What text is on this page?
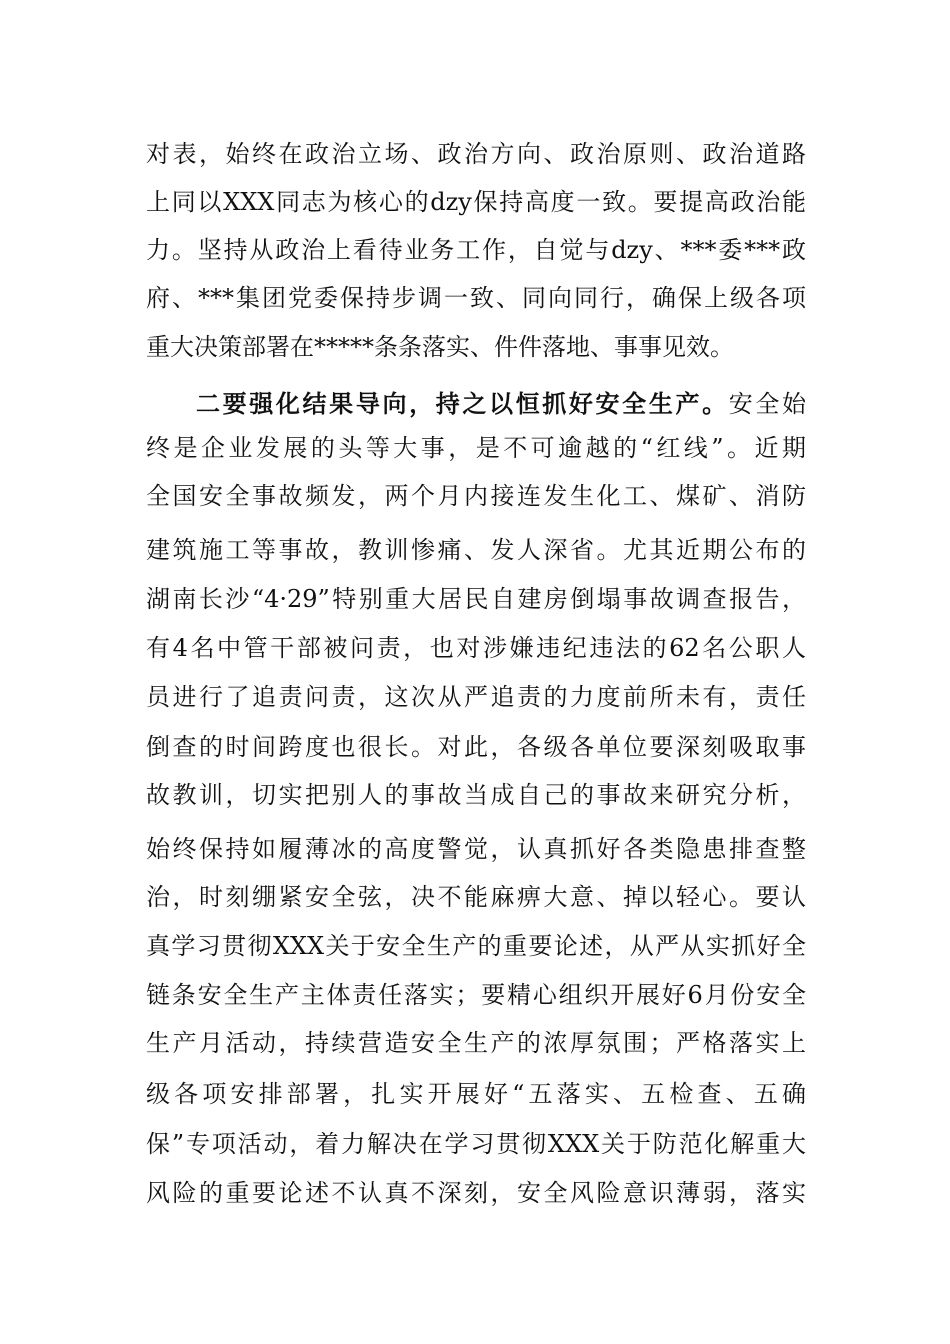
对表，始终在政治立场、政治方向、政治原则、政治道路
上同以XXX同志为核心的dzy保持高度一致。要提高政治能
力。坚持从政治上看待业务工作，自觉与dzy、***委***政
府、***集团党委保持步调一致、同向同行，确保上级各项
重大决策部署在*****条条落实、件件落地、事事见效。
二要强化结果导向，持之以恒抓好安全生产。安全始
终是企业发展的头等大事，是不可逾越的“红线”。近期
全国安全事故频发，两个月内接连发生化工、煤矿、消防
建筑施工等事故，教训惨痛、发人深省。尤其近期公布的
湖南长沙“4·29”特别重大居民自建房倒塌事故调查报告，
有4名中管干部被问责，也对涉嫌违纪违法的62名公职人
员进行了追责问责，这次从严追责的力度前所未有，责任
倒查的时间跨度也很长。对此，各级各单位要深刻吸取事
故教训，切实把别人的事故当成自己的事故来研究分析，
始终保持如履薄冰的高度警觉，认真抓好各类隐患排查整
治，时刻绷紧安全弦，决不能麻痹大意、掉以轻心。要认
真学习贯彻XXX关于安全生产的重要论述，从严从实抓好全
链条安全生产主体责任落实；要精心组织开展好6月份安全
生产月活动，持续营造安全生产的浓厚氛围；严格落实上
级各项安排部署，扎实开展好“五落实、五检查、五确
保”专项活动，着力解决在学习贯彻XXX关于防范化解重大
风险的重要论述不认真不深刻，安全风险意识薄弱，落实
